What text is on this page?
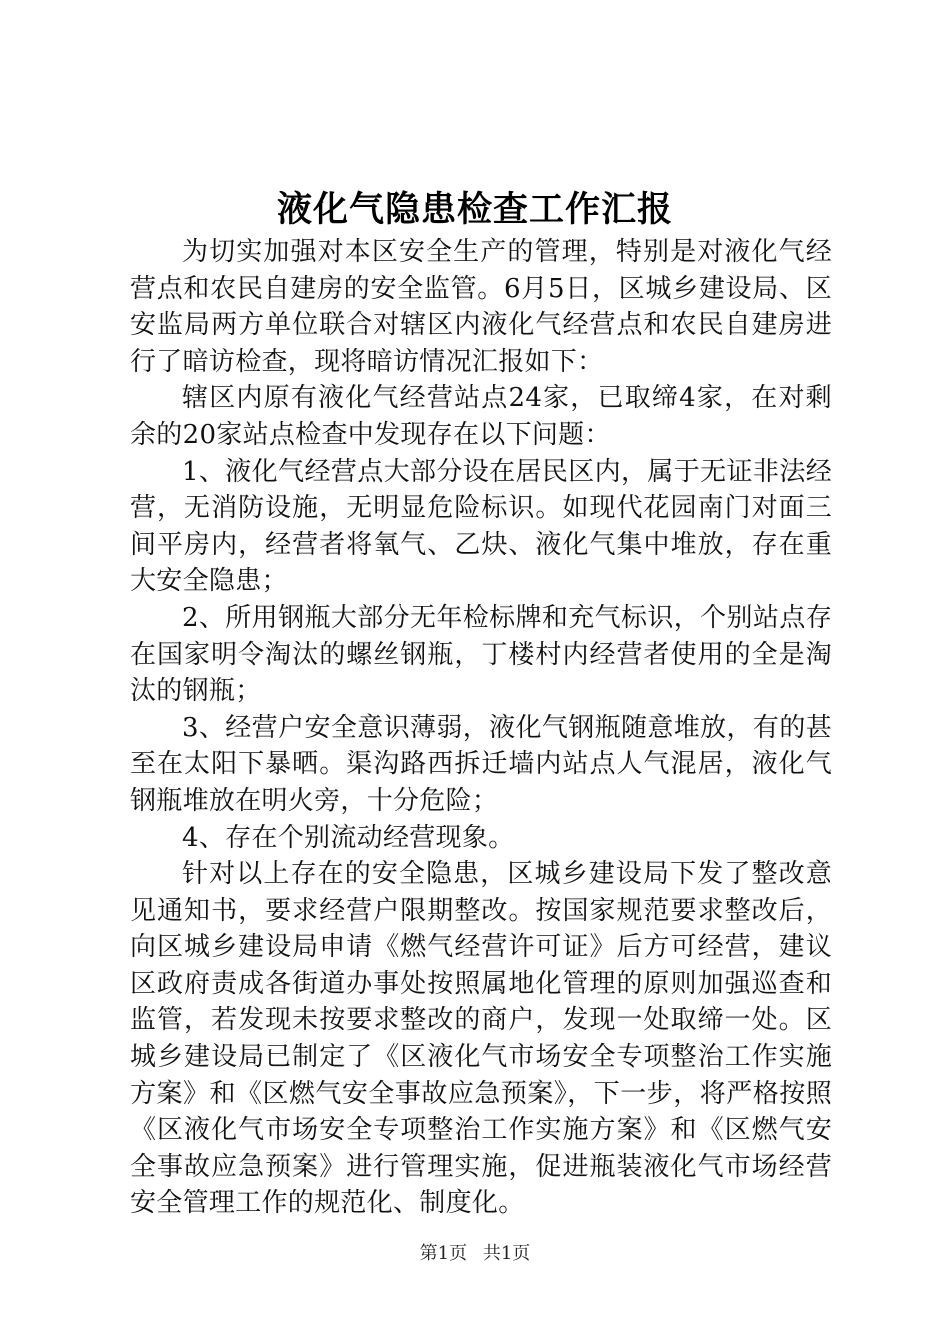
液化气隐患检查工作汇报

为切实加强对本区安全生产的管理，特别是对液化气经营点和农民自建房的安全监管。6月5日，区城乡建设局、区安监局两方单位联合对辖区内液化气经营点和农民自建房进行了暗访检查，现将暗访情况汇报如下：

辖区内原有液化气经营站点24家，已取缔4家，在对剩余的20家站点检查中发现存在以下问题：

1、液化气经营点大部分设在居民区内，属于无证非法经营，无消防设施，无明显危险标识。如现代花园南门对面三间平房内，经营者将氧气、乙炔、液化气集中堆放，存在重大安全隐患；

2、所用钢瓶大部分无年检标牌和充气标识，个别站点存在国家明令淘汰的螺丝钢瓶，丁楼村内经营者使用的全是淘汰的钢瓶；

3、经营户安全意识薄弱，液化气钢瓶随意堆放，有的甚至在太阳下暴晒。渠沟路西拆迁墙内站点人气混居，液化气钢瓶堆放在明火旁，十分危险；

4、存在个别流动经营现象。

针对以上存在的安全隐患，区城乡建设局下发了整改意见通知书，要求经营户限期整改。按国家规范要求整改后，向区城乡建设局申请《燃气经营许可证》后方可经营，建议区政府责成各街道办事处按照属地化管理的原则加强巡查和监管，若发现未按要求整改的商户，发现一处取缔一处。区城乡建设局已制定了《区液化气市场安全专项整治工作实施方案》和《区燃气安全事故应急预案》，下一步，将严格按照《区液化气市场安全专项整治工作实施方案》和《区燃气安全事故应急预案》进行管理实施，促进瓶装液化气市场经营安全管理工作的规范化、制度化。

第1页 共1页
